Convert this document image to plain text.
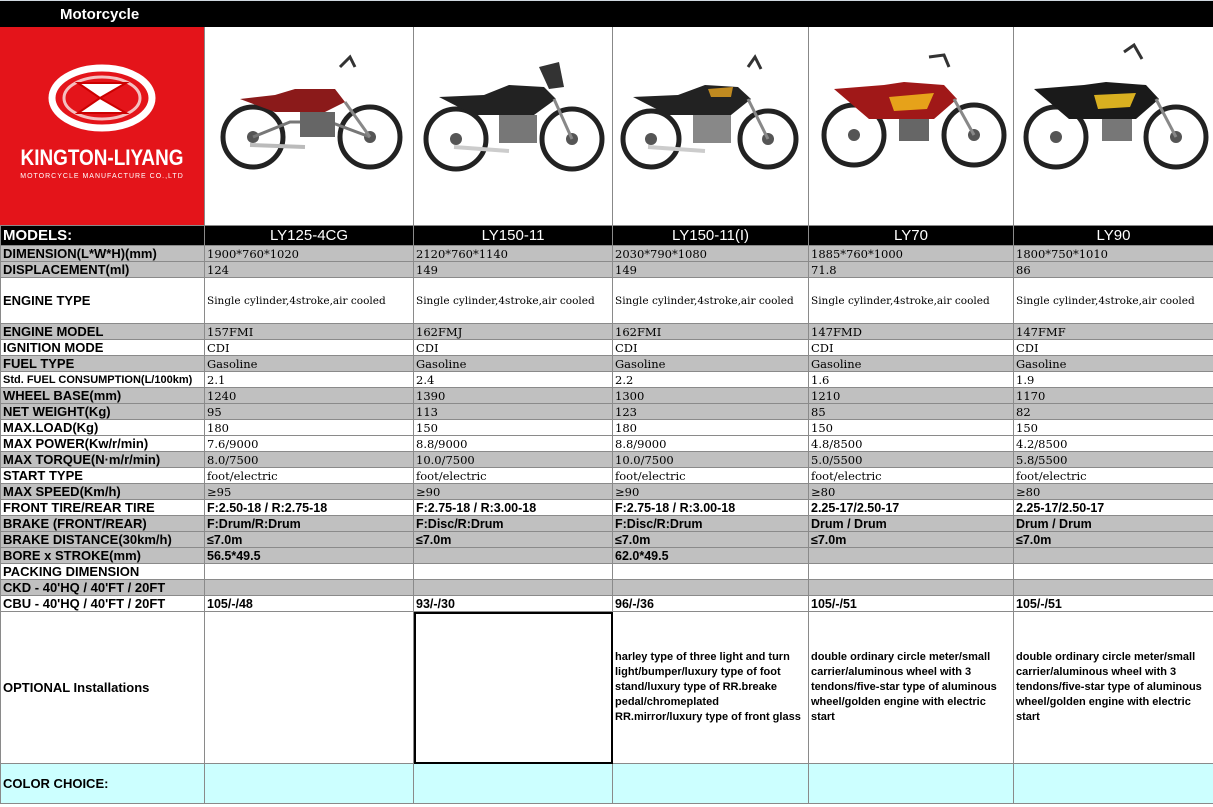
Motorcycle
KINGTON-LIYANG
MOTORCYCLE MANUFACTURE CO.,LTD
MODELS:	LY125-4CG	LY150-11	LY150-11(I)	LY70	LY90
DIMENSION(L*W*H)(mm)	1900*760*1020	2120*760*1140	2030*790*1080	1885*760*1000	1800*750*1010
DISPLACEMENT(ml)	124	149	149	71.8	86
ENGINE TYPE	Single cylinder,4stroke,air cooled	Single cylinder,4stroke,air cooled	Single cylinder,4stroke,air cooled	Single cylinder,4stroke,air cooled	Single cylinder,4stroke,air cooled
ENGINE MODEL	157FMI	162FMJ	162FMI	147FMD	147FMF
IGNITION MODE	CDI	CDI	CDI	CDI	CDI
FUEL TYPE	Gasoline	Gasoline	Gasoline	Gasoline	Gasoline
Std. FUEL CONSUMPTION(L/100km)	2.1	2.4	2.2	1.6	1.9
WHEEL BASE(mm)	1240	1390	1300	1210	1170
NET WEIGHT(Kg)	95	113	123	85	82
MAX.LOAD(Kg)	180	150	180	150	150
MAX POWER(Kw/r/min)	7.6/9000	8.8/9000	8.8/9000	4.8/8500	4.2/8500
MAX TORQUE(N·m/r/min)	8.0/7500	10.0/7500	10.0/7500	5.0/5500	5.8/5500
START TYPE	foot/electric	foot/electric	foot/electric	foot/electric	foot/electric
MAX SPEED(Km/h)	≥95	≥90	≥90	≥80	≥80
FRONT TIRE/REAR TIRE	F:2.50-18 / R:2.75-18	F:2.75-18 / R:3.00-18	F:2.75-18 / R:3.00-18	2.25-17/2.50-17	2.25-17/2.50-17
BRAKE (FRONT/REAR)	F:Drum/R:Drum	F:Disc/R:Drum	F:Disc/R:Drum	Drum / Drum	Drum / Drum
BRAKE DISTANCE(30km/h)	≤7.0m	≤7.0m	≤7.0m	≤7.0m	≤7.0m
BORE x STROKE(mm)	56.5*49.5		62.0*49.5		
PACKING DIMENSION					
CKD - 40'HQ / 40'FT / 20FT					
CBU - 40'HQ / 40'FT / 20FT	105/-/48	93/-/30	96/-/36	105/-/51	105/-/51
OPTIONAL Installations			harley type of three light and turn light/bumper/luxury type of foot stand/luxury type of RR.breake pedal/chromeplated RR.mirror/luxury type of front glass	double ordinary circle meter/small carrier/aluminous wheel with 3 tendons/five-star type of aluminous wheel/golden engine with electric start	double ordinary circle meter/small carrier/aluminous wheel with 3 tendons/five-star type of aluminous wheel/golden engine with electric start
COLOR CHOICE:					
